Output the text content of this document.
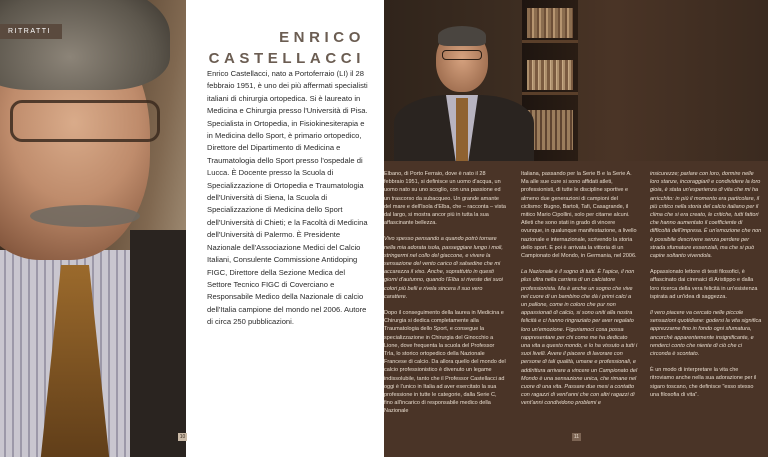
RITRATTI	ENRICO
CASTELLACCI
Enrico Castellacci, nato a Portoferraio (LI) il 28 febbraio 1951, è uno dei più affermati specialisti italiani di chirurgia ortopedica. Si è laureato in Medicina e Chirurgia presso l'Università di Pisa. Specialista in Ortopedia, in Fisiokinesiterapia e in Medicina dello Sport, è primario ortopedico, Direttore del Dipartimento di Medicina e Traumatologia dello Sport presso l'ospedale di Lucca. È Docente presso la Scuola di Specializzazione di Ortopedia e Traumatologia dell'Università di Siena, la Scuola di Specializzazione di Medicina dello Sport dell'Università di Chieti; e la Facoltà di Medicina dell'Università di Palermo. È Presidente Nazionale dell'Associazione Medici del Calcio Italiani, Consulente Commissione Antidoping FIGC, Direttore della Sezione Medica del Settore Tecnico FIGC di Coverciano e Responsabile Medico della Nazionale di calcio dell'Italia campione del mondo nel 2006. Autore di circa 250 pubblicazioni.
10
Elbano, di Porto Ferraio, dove è nato il 28 febbraio 1951, si definisce un uomo d'acqua, un uomo nato su uno scoglio, con una passione ed un trascorso da subacqueo. Un grande amante del mare e dell'Isola d'Elba, che – racconta – vista dal largo, si mostra ancor più in tutta la sua affascinante bellezza.
Vivo spesso pensando a quando potrò tornare nella mia adorata isola, passeggiare lungo i moli, stringermi nel collo del giaccone, e vivere la sensazione del vento carico di salsedine che mi accarezza il viso. Anche, soprattutto in questi giorni d'autunno, quando l'Elba si riveste dei suoi colori più belli e rivela sincera il suo vero carattere.
Dopo il conseguimento della laurea in Medicina e Chirurgia si dedica completamente alla Traumatologia dello Sport, e consegue la specializzazione in Chirurgia del Ginocchio a Lione, dove frequenta la scuola del Professor Trla, lo storico ortopedico della Nazionale Francese di calcio. Da allora quello del mondo del calcio professionistico è divenuto un legame indissolubile, tanto che il Professor Castellacci ad oggi è l'unico in Italia ad aver esercitato la sua professione in tutte le categorie, dalla Serie C, fino all'incarico di responsabile medico della Nazionale
Italiana, passando per la Serie B e la Serie A. Ma alle sue cure si sono affidati atleti, professionisti, di tutte le discipline sportive e almeno due generazioni di campioni del ciclismo: Bugno, Bartoli, Tafi, Casagrande, il mitico Mario Cipollini, solo per citarne alcuni. Atleti che sono stati in grado di vincere ovunque, in qualunque manifestazione, a livello nazionale e internazionale, scrivendo la storia dello sport. E poi è arrivata la vittoria di un Campionato del Mondo, in Germania, nel 2006.
La Nazionale è il sogno di tutti. È l'apice, il non plus ultra nella carriera di un calciatore professionista. Ma è anche un sogno che vive nel cuore di un bambino che dà i primi calci a un pallone, come in coloro che pur non appassionati di calcio, si sono uniti alla nostra felicità e ci hanno ringraziato per aver regalato loro un'emozione. Figuriamoci cosa possa rappresentare per chi come me ha dedicato una vita a questo mondo, e lo ha vissuto a tutti i suoi livelli. Avere il piacere di lavorare con persone di tali qualità, umane e professionali, e addirittura arrivare a vincere un Campionato del Mondo è una sensazione unica, che rimane nel cuore di una vita. Passare due mesi a contatto con ragazzi di vent'anni che con altri ragazzi di vent'anni condividono problemi e
insicurezze; parlare con loro, dormire nelle loro stanze, incoraggiarli e condividere la loro gioia, è stata un'esperienza di vita che mi ha arricchito: in più il momento era particolare, il più critico nella storia del calcio italiano per il clima che si era creato, le critiche, tutti fattori che hanno aumentato il coefficiente di difficoltà dell'impresa. È un'emozione che non è possibile descrivere senza perdere per strada sfumature essenziali, ma che si può capire soltanto vivendola.
Appassionato lettore di testi filosofici, è affascinato dai cirenaici di Aristippo e dalla loro ricerca della vera felicità in un'esistenza ispirata ad un'idea di saggezza.
Il vero piacere va cercato nelle piccole sensazioni quotidiane: godersi la vita significa apprezzarne fino in fondo ogni sfumatura, ancorché apparentemente insignificante, e renderci conto che niente di ciò che ci circonda è scontato.
È un modo di interpretare la vita che ritroviamo anche nella sua adorazione per il sigaro toscano, che definisce "esso stesso una filosofia di vita".
11
